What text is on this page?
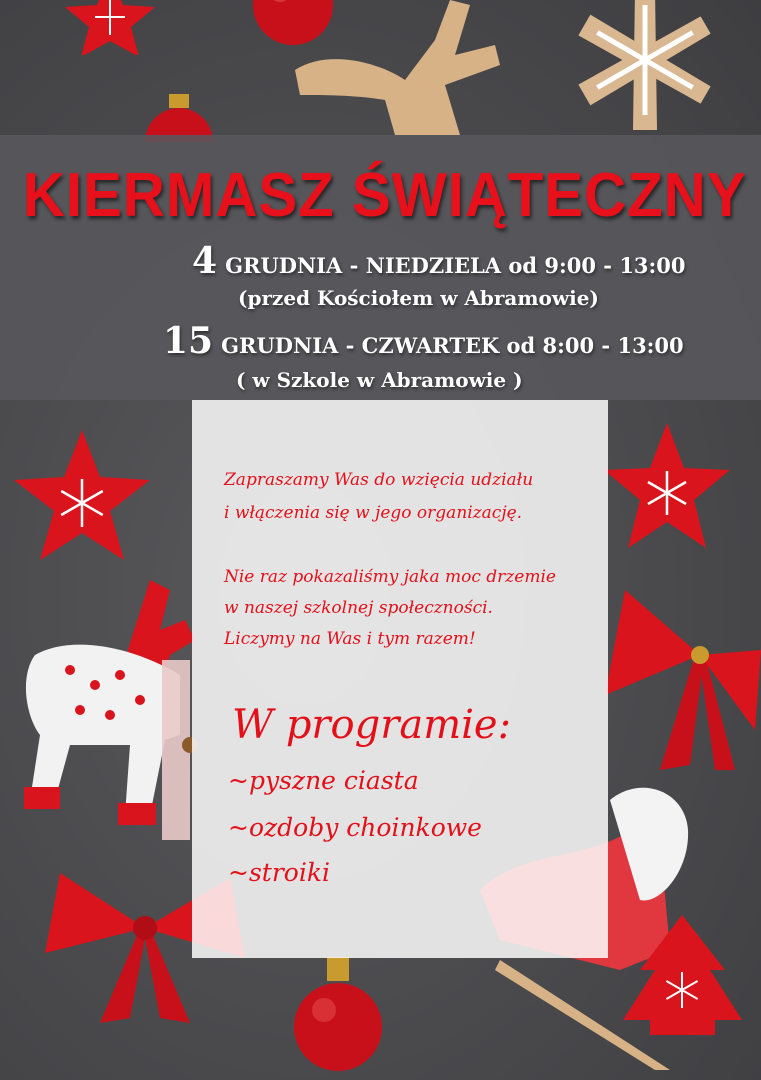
KIERMASZ ŚWIĄTECZNY
4 GRUDNIA - NIEDZIELA od 9:00 - 13:00
(przed Kościołem w Abramowie)
15 GRUDNIA - CZWARTEK od 8:00 - 13:00
( w Szkole w Abramowie )
Zapraszamy Was do wzięcia udziału
i włączenia się w jego organizację.
Nie raz pokazaliśmy jaka moc drzemie
w naszej szkolnej społeczności.
Liczymy na Was i tym razem!
W programie:
~pyszne ciasta
~ozdoby choinkowe
~stroiki
